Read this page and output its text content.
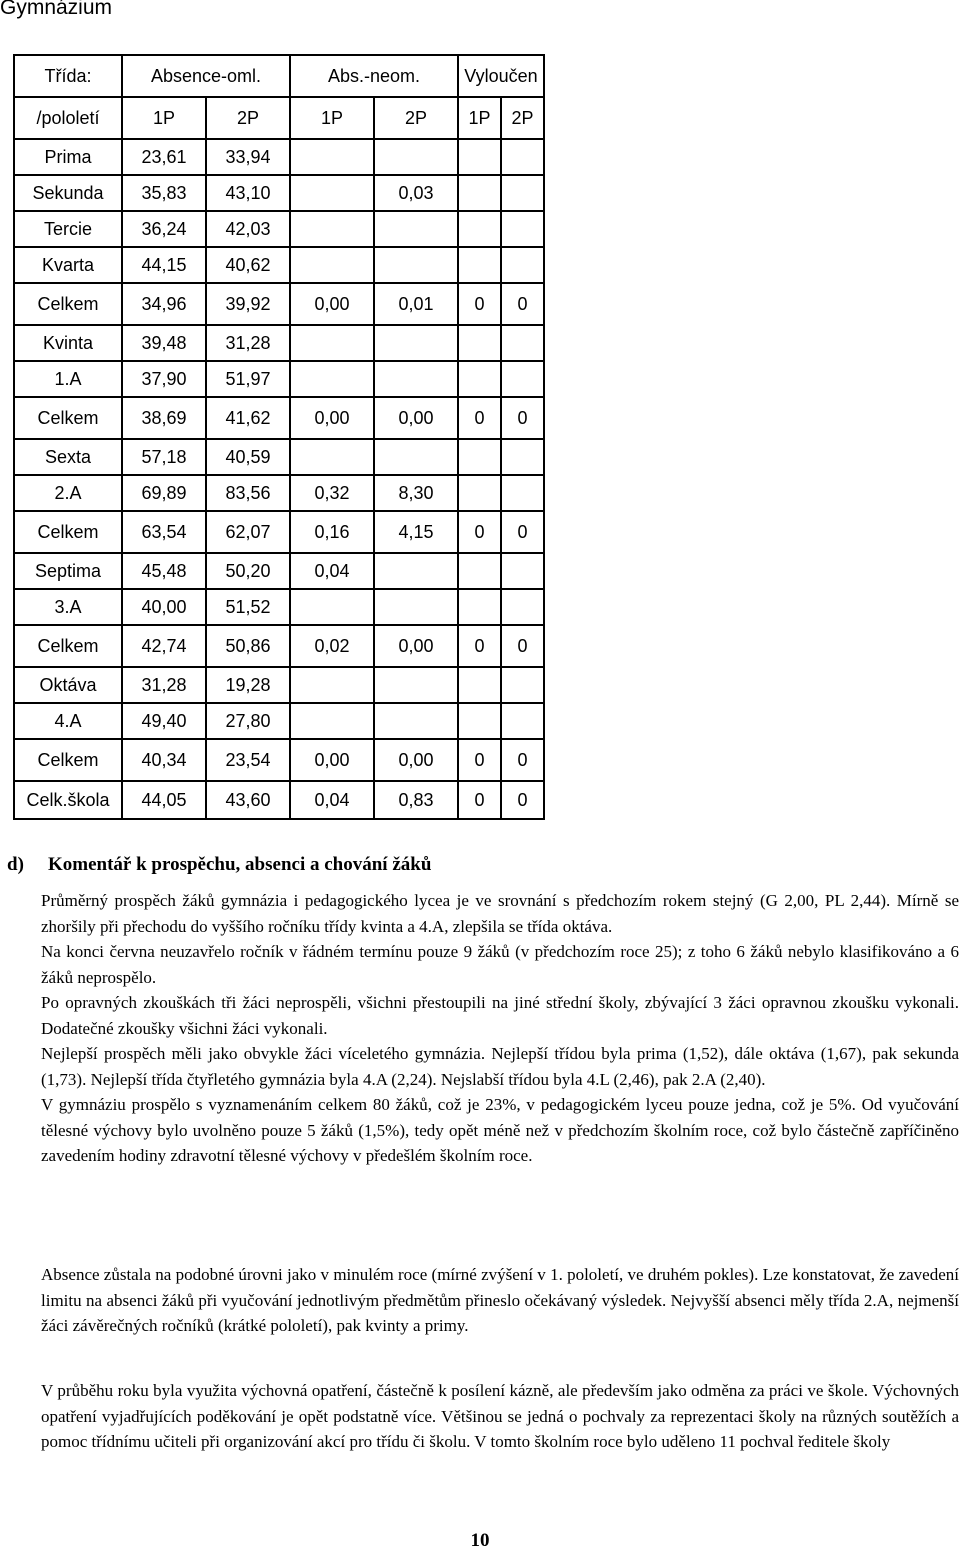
Gymnázium
Třída:	Absence-oml.		Abs.-neom.		Vyloučen	
/pololetí	1P	2P	1P	2P	1P	2P
Prima	23,61	33,94				
Sekunda	35,83	43,10		0,03		
Tercie	36,24	42,03				
Kvarta	44,15	40,62				
Celkem	34,96	39,92	0,00	0,01	0	0
Kvinta	39,48	31,28				
1.A	37,90	51,97				
Celkem	38,69	41,62	0,00	0,00	0	0
Sexta	57,18	40,59				
2.A	69,89	83,56	0,32	8,30		
Celkem	63,54	62,07	0,16	4,15	0	0
Septima	45,48	50,20	0,04			
3.A	40,00	51,52				
Celkem	42,74	50,86	0,02	0,00	0	0
Oktáva	31,28	19,28				
4.A	49,40	27,80				
Celkem	40,34	23,54	0,00	0,00	0	0
Celk.škola	44,05	43,60	0,04	0,83	0	0
d) Komentář k prospěchu, absenci a chování žáků

Průměrný prospěch žáků gymnázia i pedagogického lycea je ve srovnání s předchozím rokem stejný (G 2,00, PL 2,44). Mírně se zhoršily při přechodu do vyššího ročníku třídy kvinta a 4.A, zlepšila se třída oktáva.

Na konci června neuzavřelo ročník v řádném termínu pouze 9 žáků (v předchozím roce 25); z toho 6 žáků nebylo klasifikováno a 6 žáků neprospělo.

Po opravných zkouškách tři žáci neprospěli, všichni přestoupili na jiné střední školy, zbývající 3 žáci opravnou zkoušku vykonali. Dodatečné zkoušky všichni žáci vykonali.

Nejlepší prospěch měli jako obvykle žáci víceletého gymnázia. Nejlepší třídou byla prima (1,52), dále oktáva (1,67), pak sekunda (1,73). Nejlepší třída čtyřletého gymnázia byla 4.A (2,24). Nejslabší třídou byla 4.L (2,46), pak 2.A (2,40).

V gymnáziu prospělo s vyznamenáním celkem 80 žáků, což je 23%, v pedagogickém lyceu pouze jedna, což je 5%. Od vyučování tělesné výchovy bylo uvolněno pouze 5 žáků (1,5%), tedy opět méně než v předchozím školním roce, což bylo částečně zapříčiněno zavedením hodiny zdravotní tělesné výchovy v předešlém školním roce.

Absence zůstala na podobné úrovni jako v minulém roce (mírné zvýšení v 1. pololetí, ve druhém pokles). Lze konstatovat, že zavedení limitu na absenci žáků při vyučování jednotlivým předmětům přineslo očekávaný výsledek. Nejvyšší absenci měly třída 2.A, nejmenší žáci závěrečných ročníků (krátké pololetí), pak kvinty a primy.

V průběhu roku byla využita výchovná opatření, částečně k posílení kázně, ale především jako odměna za práci ve škole. Výchovných opatření vyjadřujících poděkování je opět podstatně více. Většinou se jedná o pochvaly za reprezentaci školy na různých soutěžích a pomoc třídnímu učiteli při organizování akcí pro třídu či školu. V tomto školním roce bylo uděleno 11 pochval ředitele školy

10
